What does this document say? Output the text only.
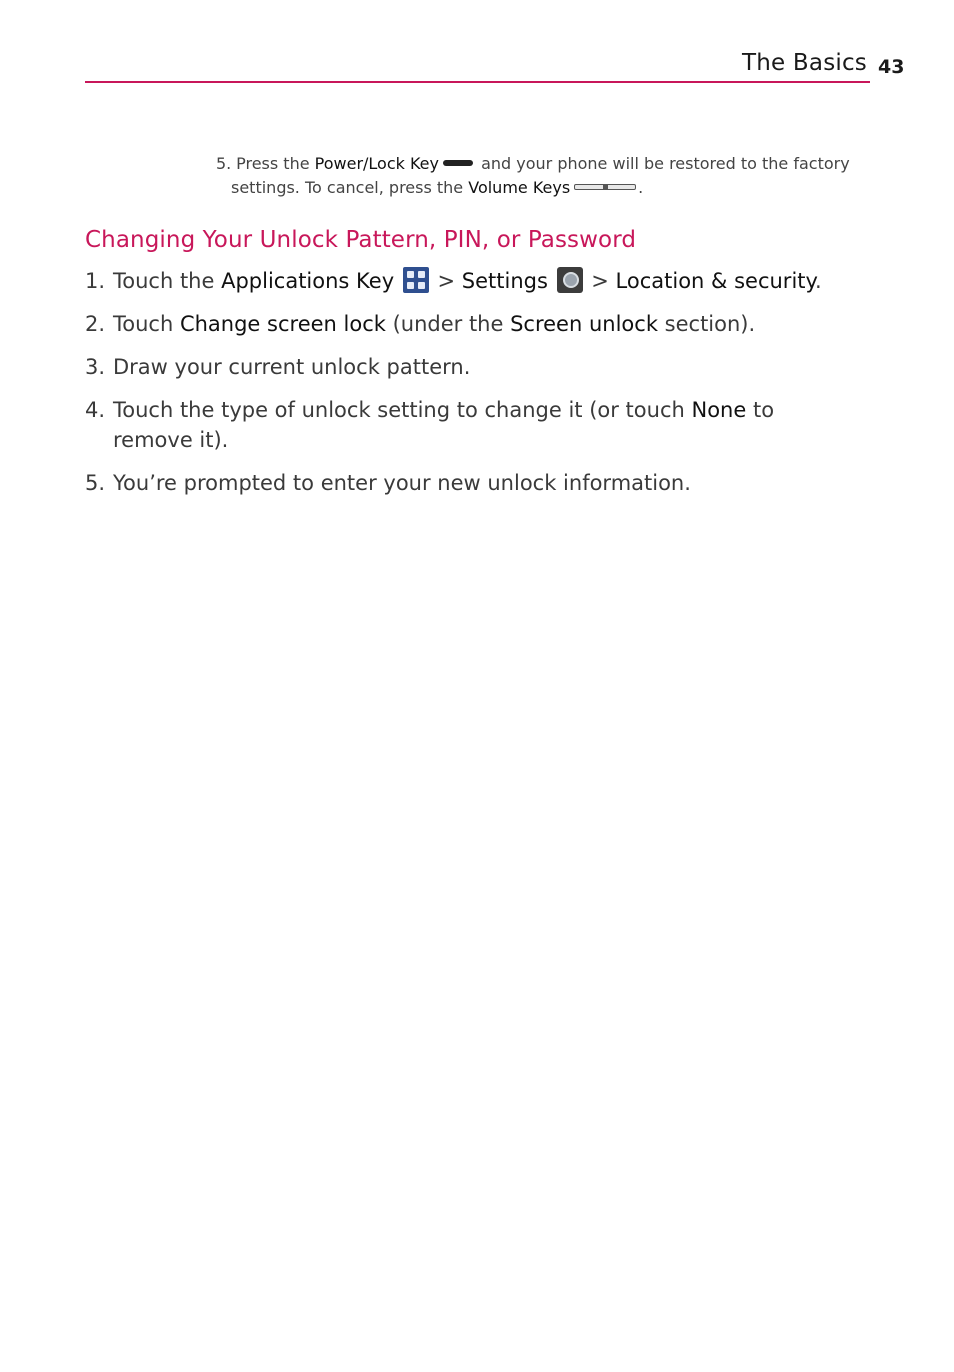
The Basics 43
5. Press the Power/Lock Key and your phone will be restored to the factory
settings. To cancel, press the Volume Keys	.
Changing Your Unlock Pattern, PIN, or Password
1. Touch the Applications Key
> Settings  > Location & security.
2. Touch Change screen lock (under the Screen unlock section).
3. Draw your current unlock pattern.
4. Touch the type of unlock setting to change it (or touch None to remove it).
5. You’re prompted to enter your new unlock information.
